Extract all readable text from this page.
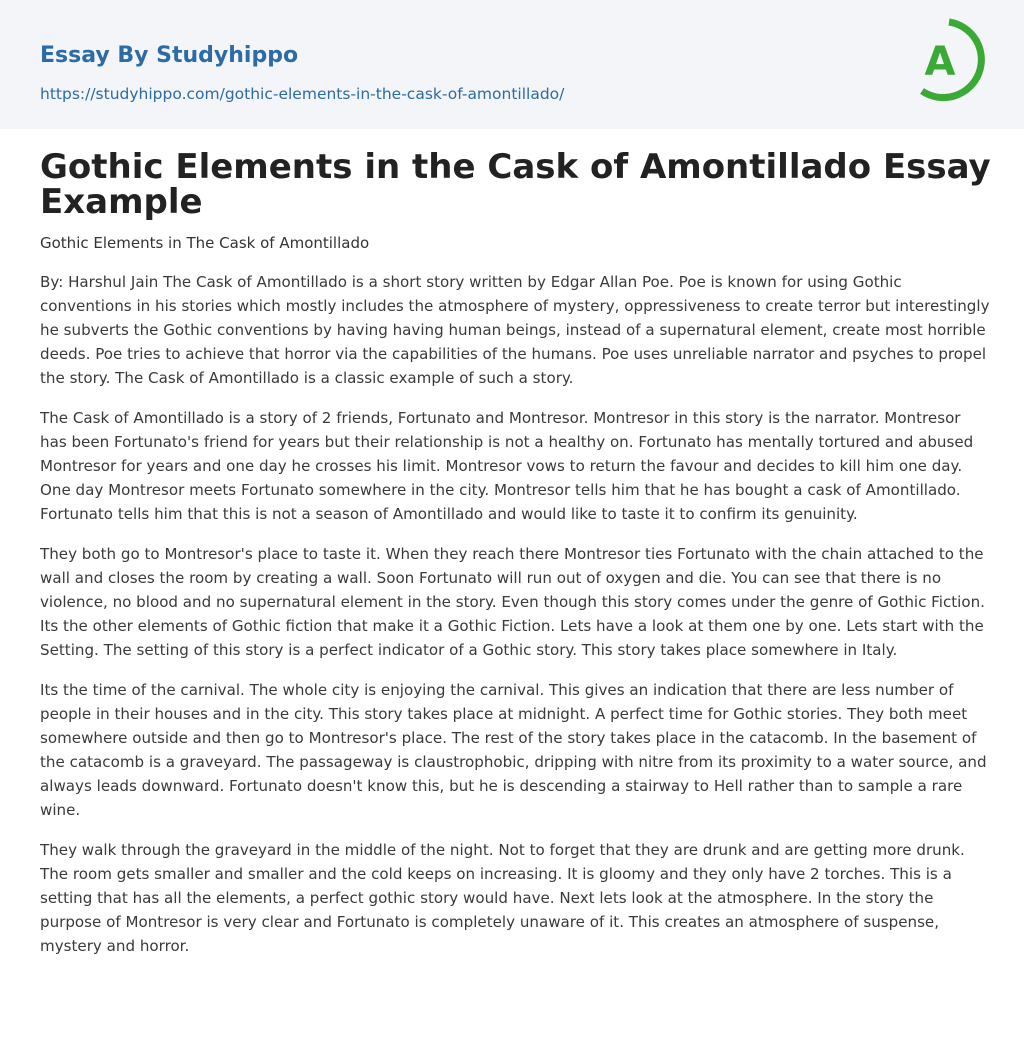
Essay By Studyhippo
https://studyhippo.com/gothic-elements-in-the-cask-of-amontillado/
A
Gothic Elements in the Cask of Amontillado Essay Example
Gothic Elements in The Cask of Amontillado

By: Harshul Jain The Cask of Amontillado is a short story written by Edgar Allan Poe. Poe is known for using Gothic conventions in his stories which mostly includes the atmosphere of mystery, oppressiveness to create terror but interestingly he subverts the Gothic conventions by having having human beings, instead of a supernatural element, create most horrible deeds. Poe tries to achieve that horror via the capabilities of the humans. Poe uses unreliable narrator and psyches to propel the story. The Cask of Amontillado is a classic example of such a story.

The Cask of Amontillado is a story of 2 friends, Fortunato and Montresor. Montresor in this story is the narrator. Montresor has been Fortunato's friend for years but their relationship is not a healthy on. Fortunato has mentally tortured and abused Montresor for years and one day he crosses his limit. Montresor vows to return the favour and decides to kill him one day. One day Montresor meets Fortunato somewhere in the city. Montresor tells him that he has bought a cask of Amontillado. Fortunato tells him that this is not a season of Amontillado and would like to taste it to confirm its genuinity.

They both go to Montresor's place to taste it. When they reach there Montresor ties Fortunato with the chain attached to the wall and closes the room by creating a wall. Soon Fortunato will run out of oxygen and die. You can see that there is no violence, no blood and no supernatural element in the story. Even though this story comes under the genre of Gothic Fiction. Its the other elements of Gothic fiction that make it a Gothic Fiction. Lets have a look at them one by one. Lets start with the Setting. The setting of this story is a perfect indicator of a Gothic story. This story takes place somewhere in Italy.

Its the time of the carnival. The whole city is enjoying the carnival. This gives an indication that there are less number of people in their houses and in the city. This story takes place at midnight. A perfect time for Gothic stories. They both meet somewhere outside and then go to Montresor's place. The rest of the story takes place in the catacomb. In the basement of the catacomb is a graveyard. The passageway is claustrophobic, dripping with nitre from its proximity to a water source, and always leads downward. Fortunato doesn't know this, but he is descending a stairway to Hell rather than to sample a rare wine.

They walk through the graveyard in the middle of the night. Not to forget that they are drunk and are getting more drunk. The room gets smaller and smaller and the cold keeps on increasing. It is gloomy and they only have 2 torches. This is a setting that has all the elements, a perfect gothic story would have. Next lets look at the atmosphere. In the story the purpose of Montresor is very clear and Fortunato is completely unaware of it. This creates an atmosphere of suspense, mystery and horror.
